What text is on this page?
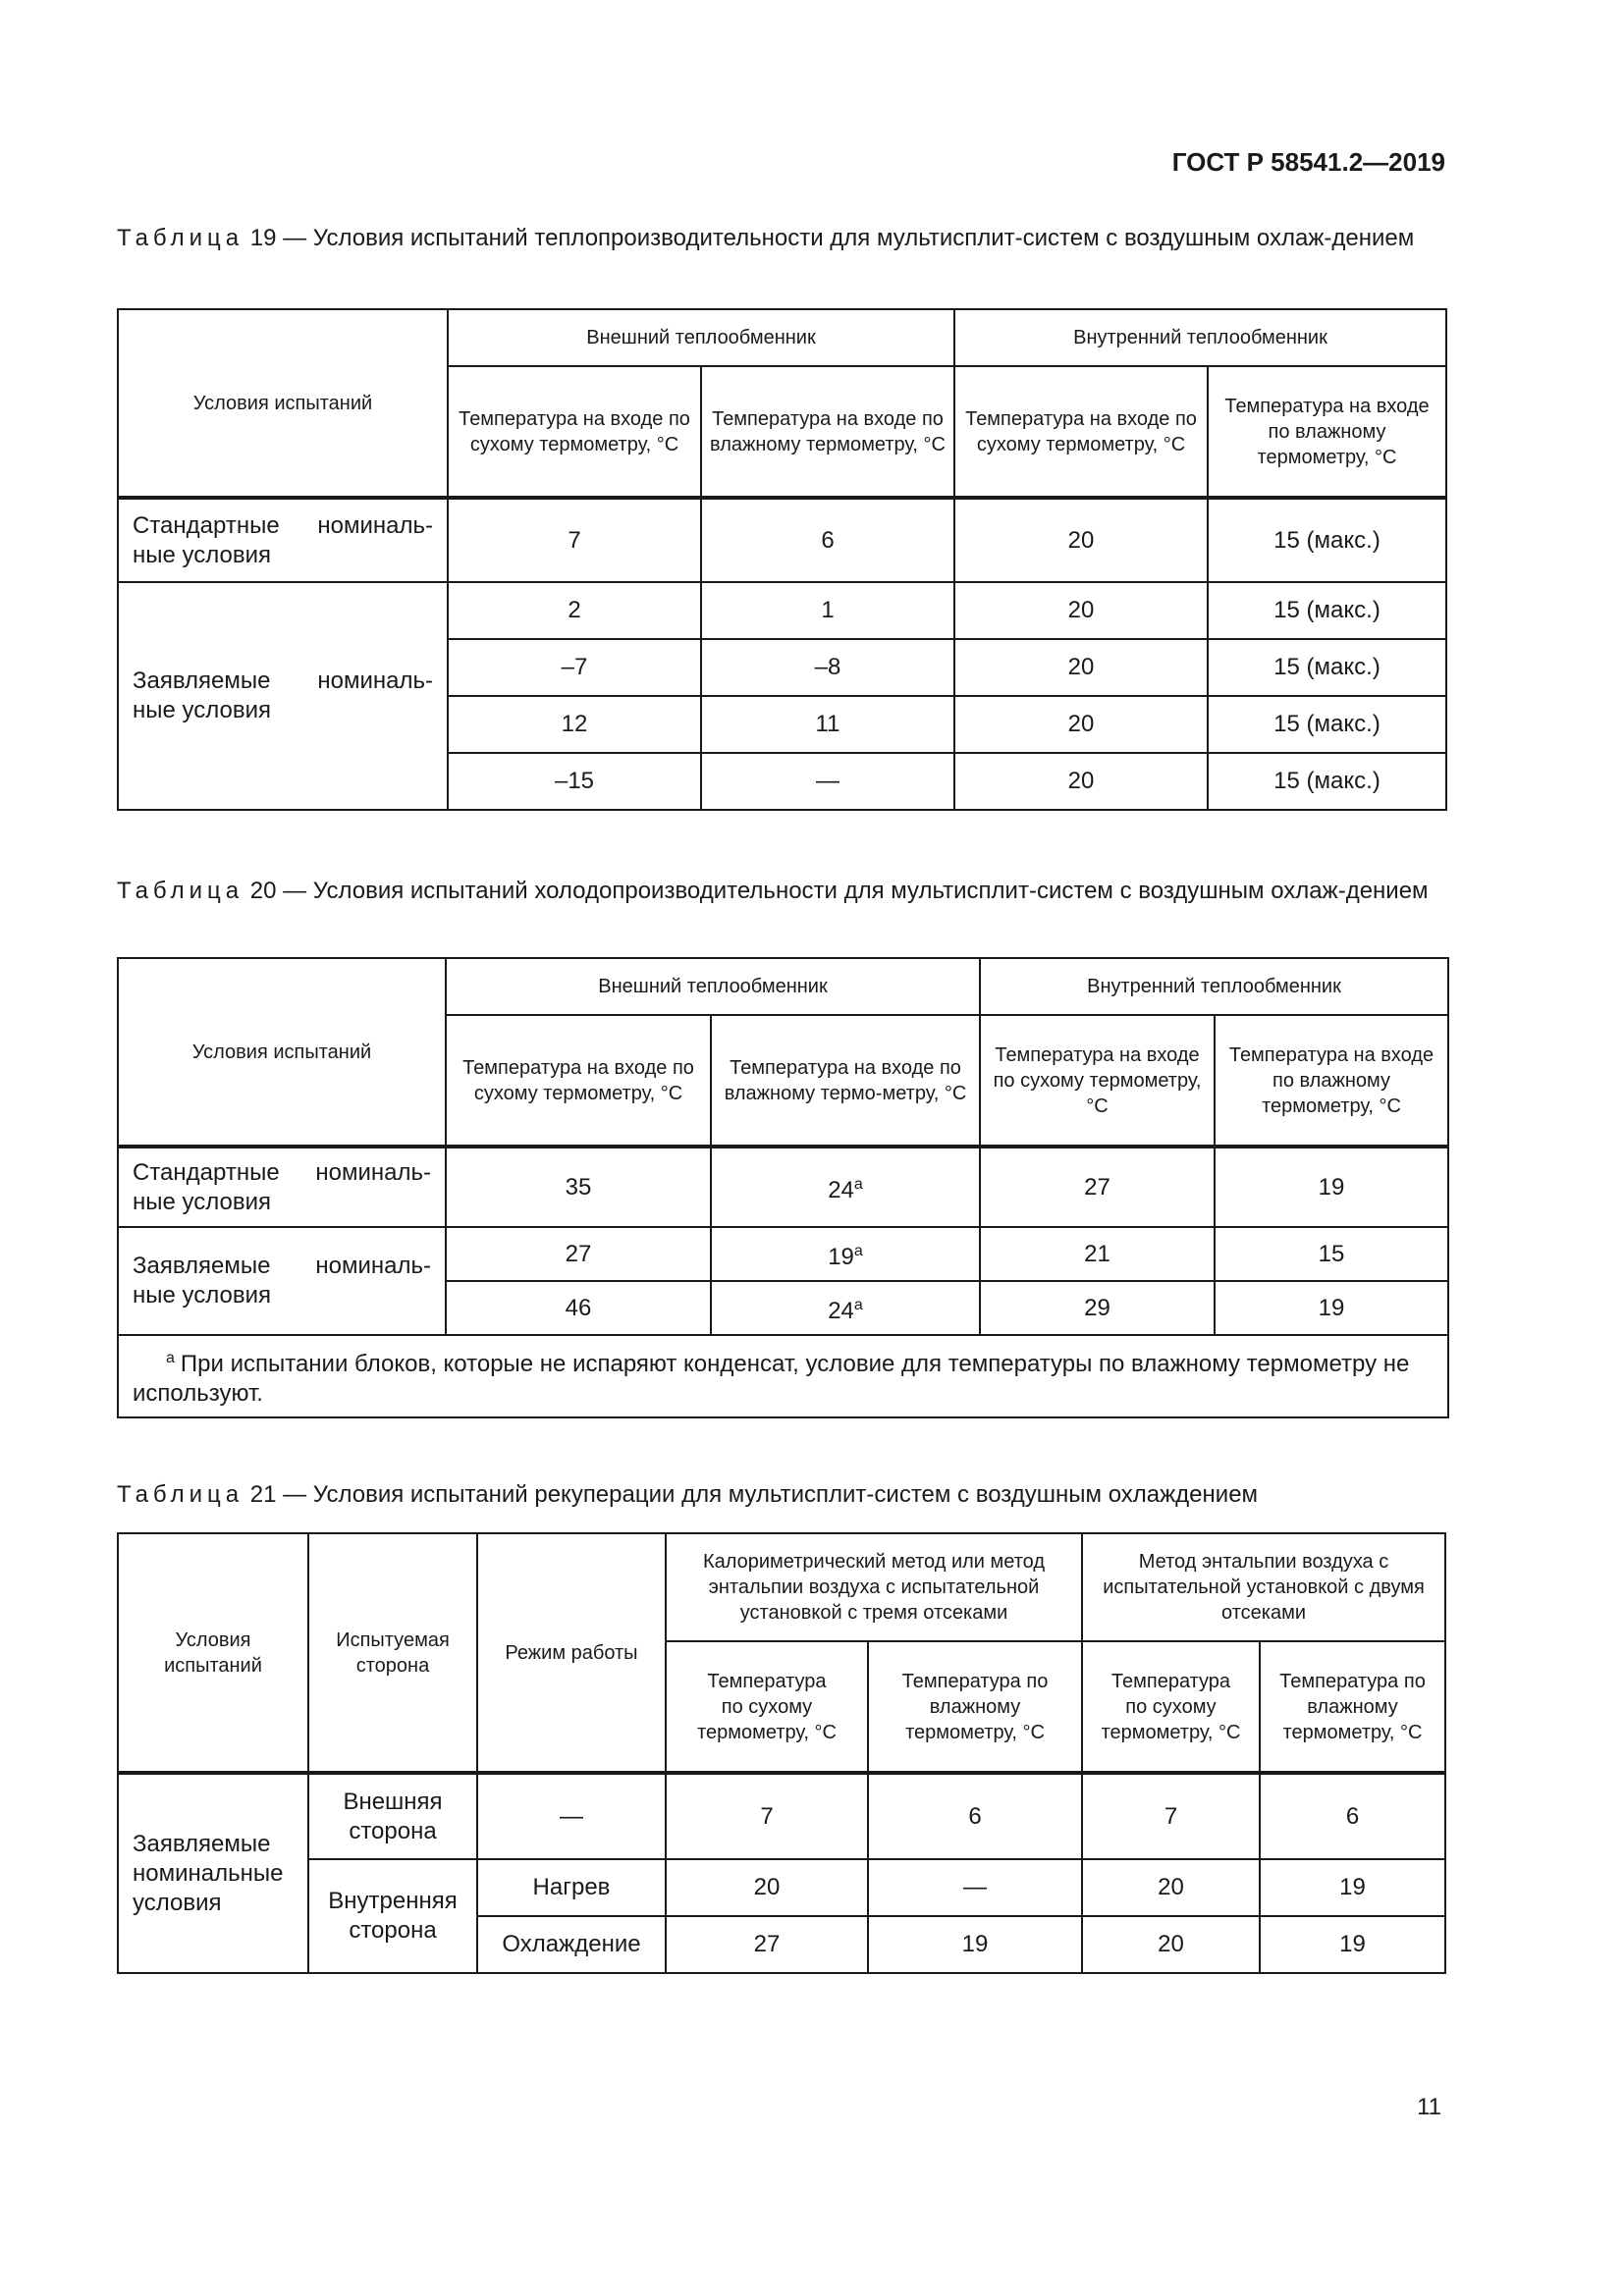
ГОСТ Р 58541.2—2019
Таблица 19 — Условия испытаний теплопроизводительности для мультисплит-систем с воздушным охлаж-дением
Условия испытаний	Внешний теплообменник		Внутренний теплообменник	
	Температура на входе по сухому термометру, °C	Температура на входе по влажному термометру, °C	Температура на входе по сухому термометру, °C	Температура на входе по влажному термометру, °C
Стандартные номиналь-ные условия	7	6	20	15 (макс.)
Заявляемые номиналь-ные условия	2	1	20	15 (макс.)
	–7	–8	20	15 (макс.)
	12	11	20	15 (макс.)
	–15	—	20	15 (макс.)
Таблица 20 — Условия испытаний холодопроизводительности для мультисплит-систем с воздушным охлаж-дением
Условия испытаний	Внешний теплообменник		Внутренний теплообменник	
	Температура на входе по сухому термометру, °C	Температура на входе по влажному термо-метру, °C	Температура на входе по сухому термометру, °C	Температура на входе по влажному термометру, °C
Стандартные номиналь-ные условия	35	24$^a$	27	19
Заявляемые номиналь-ные условия	27	19$^a$	21	15
	46	24$^a$	29	19
$^a$ При испытании блоков, которые не испаряют конденсат, условие для температуры по влажному термометру не используют.				
Таблица 21 — Условия испытаний рекуперации для мультисплит-систем с воздушным охлаждением
Условия испытаний	Испытуемая сторона	Режим работы	Калориметрический метод или метод энтальпии воздуха с испытательной установкой с тремя отсеками		Метод энтальпии воздуха с испытательной установкой с двумя отсеками	
			Температура по сухому термометру, °C	Температура по влажному термометру, °C	Температура по сухому термометру, °C	Температура по влажному термометру, °C
Заявляемые номинальные условия	Внешняя сторона	—	7	6	7	6
	Внутренняя сторона	Нагрев	20	—	20	19
		Охлаждение	27	19	20	19
11
